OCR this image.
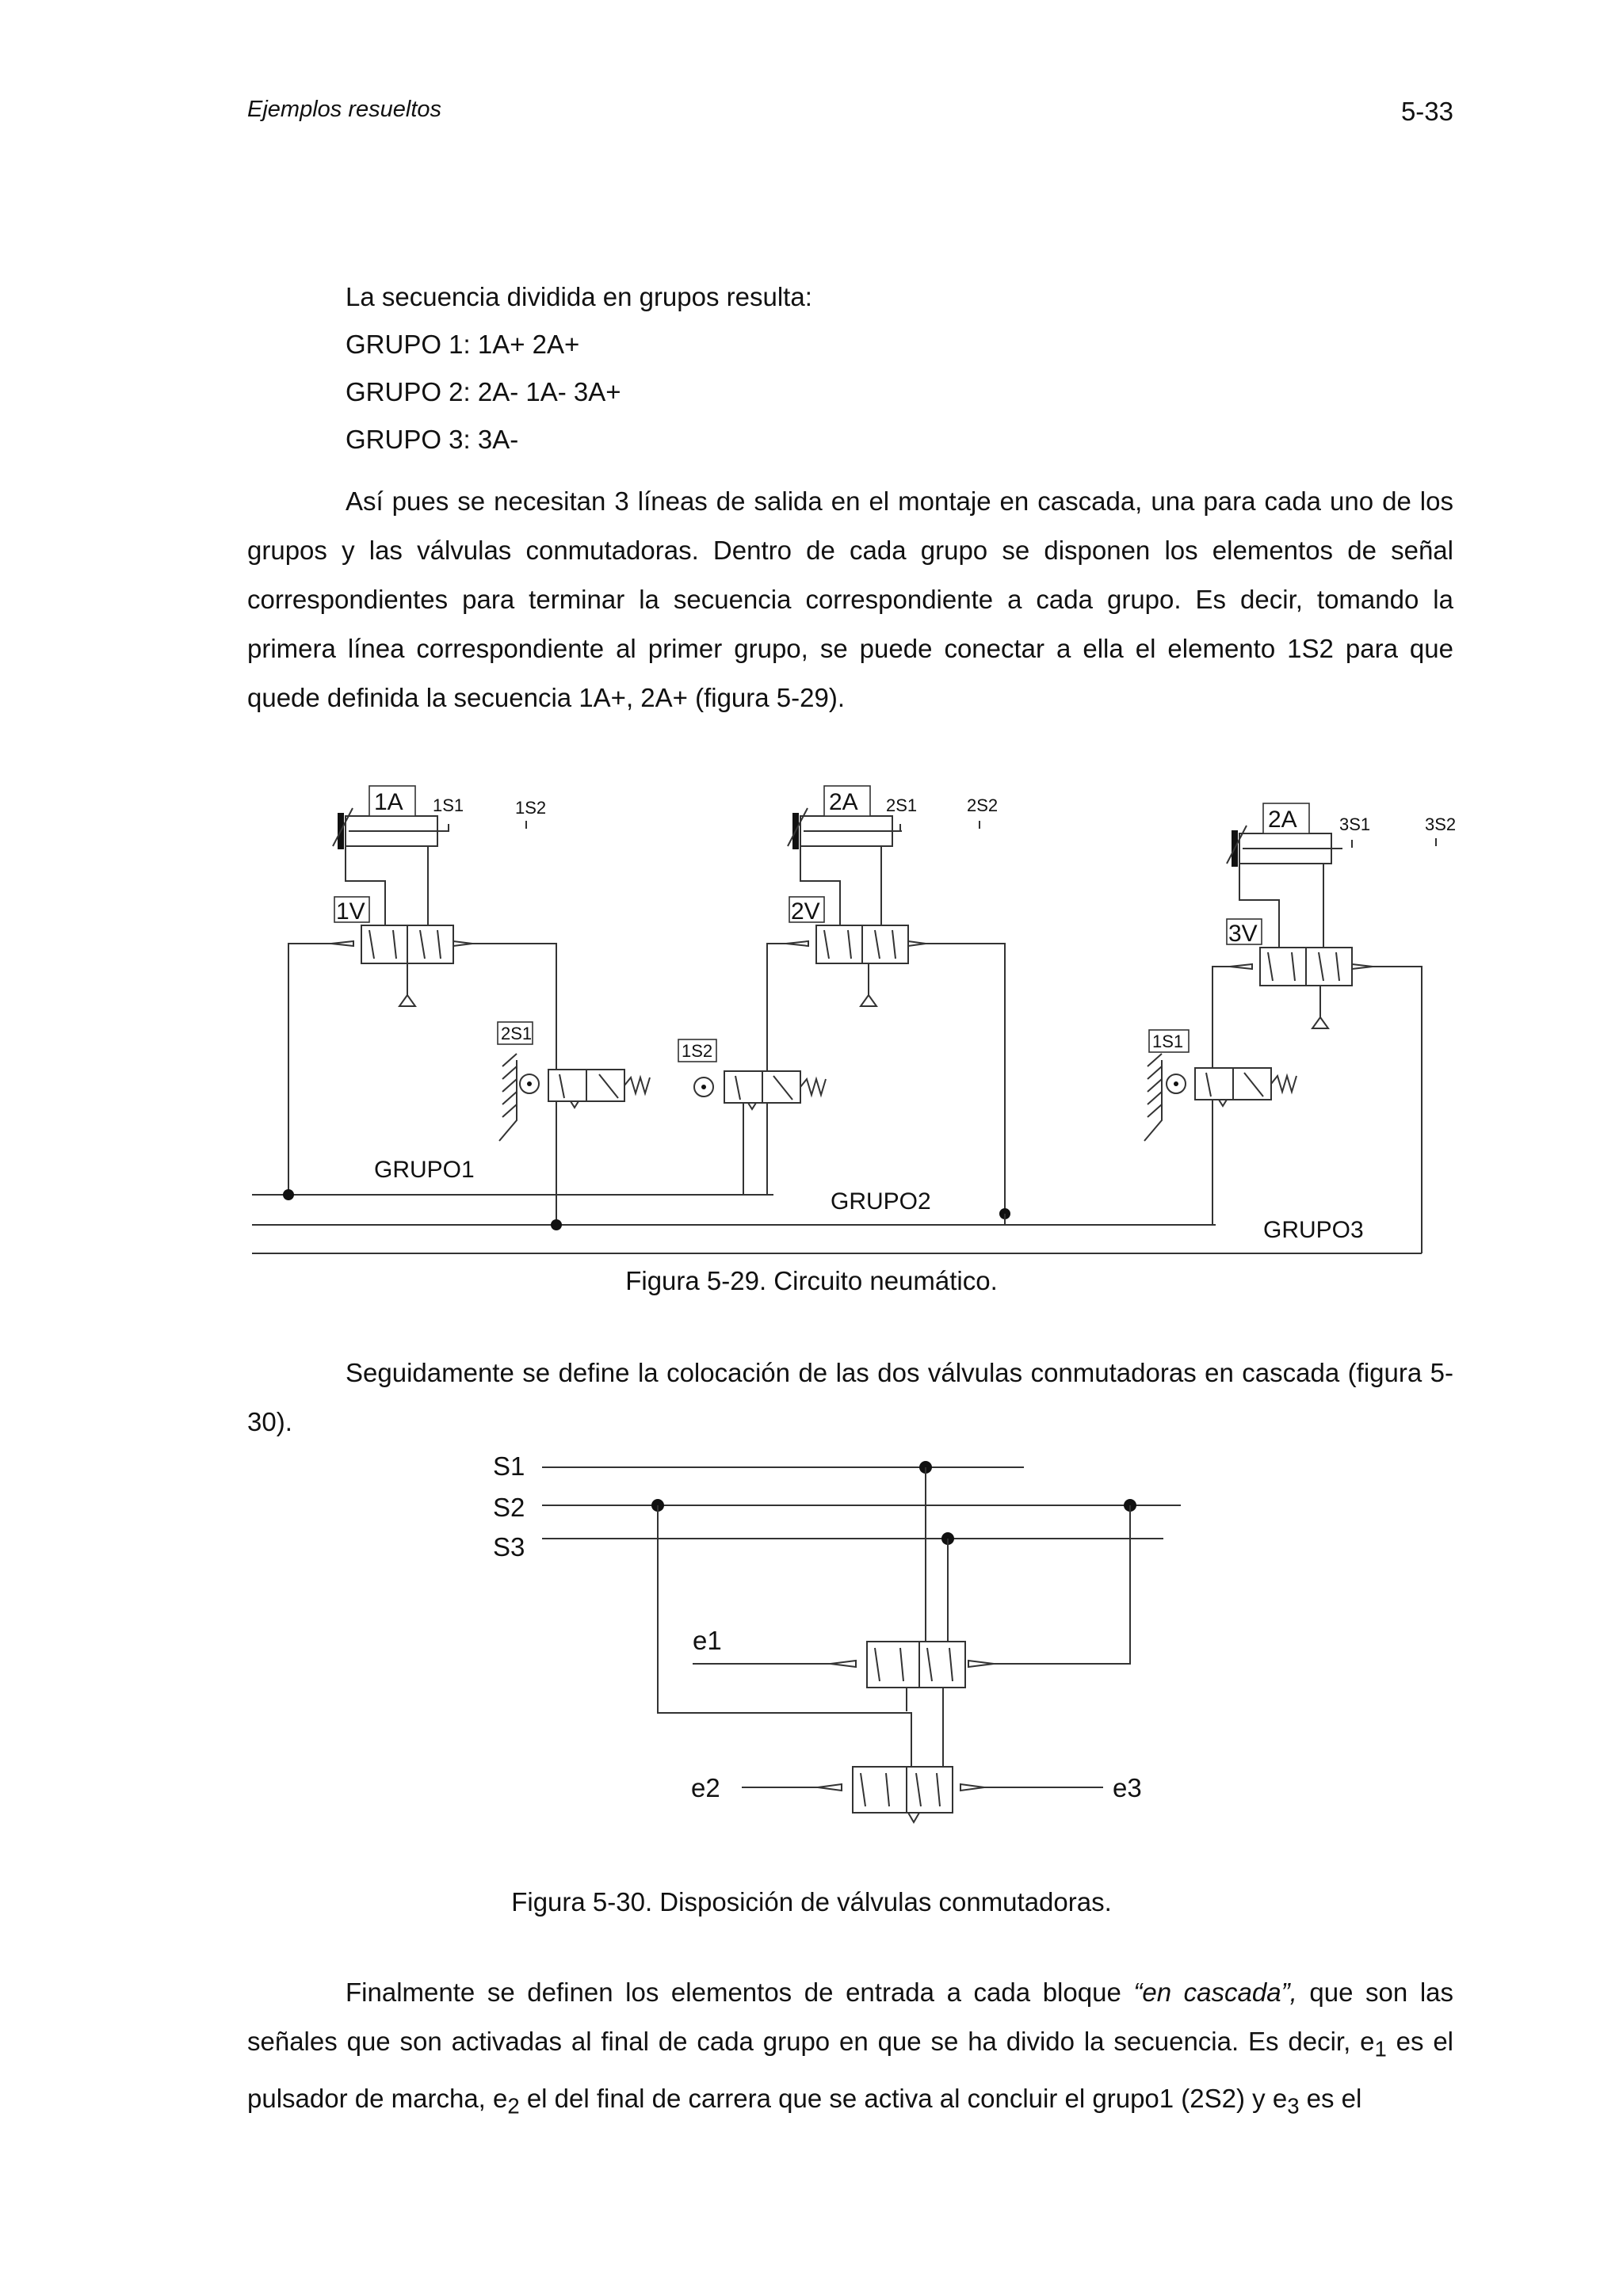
Ejemplos resueltos	5-33
La secuencia dividida en grupos resulta:
GRUPO 1: 1A+ 2A+
GRUPO 2: 2A- 1A- 3A+
GRUPO 3: 3A-
Así pues se necesitan 3 líneas de salida en el montaje en cascada, una para cada uno de los grupos y las válvulas conmutadoras. Dentro de cada grupo se disponen los elementos de señal correspondientes para terminar la secuencia correspondiente a cada grupo. Es decir, tomando la primera línea correspondiente al primer grupo, se puede conectar a ella el elemento 1S2 para que quede definida la secuencia 1A+, 2A+ (figura 5-29).
1A 1S1	1S2
1V
2S1
2A 2S1	2S2
2V
1S2
2A 3S1	3S2
3V
1S1
GRUPO1
GRUPO2
GRUPO3
Figura 5-29. Circuito neumático.
Seguidamente se define la colocación de las dos válvulas conmutadoras en cascada (figura 5-30).
S1
S2
S3
e1
e2	e3
Figura 5-30. Disposición de válvulas conmutadoras.
Finalmente se definen los elementos de entrada a cada bloque “en cascada”, que son las señales que son activadas al final de cada grupo en que se ha divido la secuencia. Es decir, $e_1$ es el pulsador de marcha, $e_2$ el del final de carrera que se activa al concluir el grupo1 (2S2) y $e_3$ es el
